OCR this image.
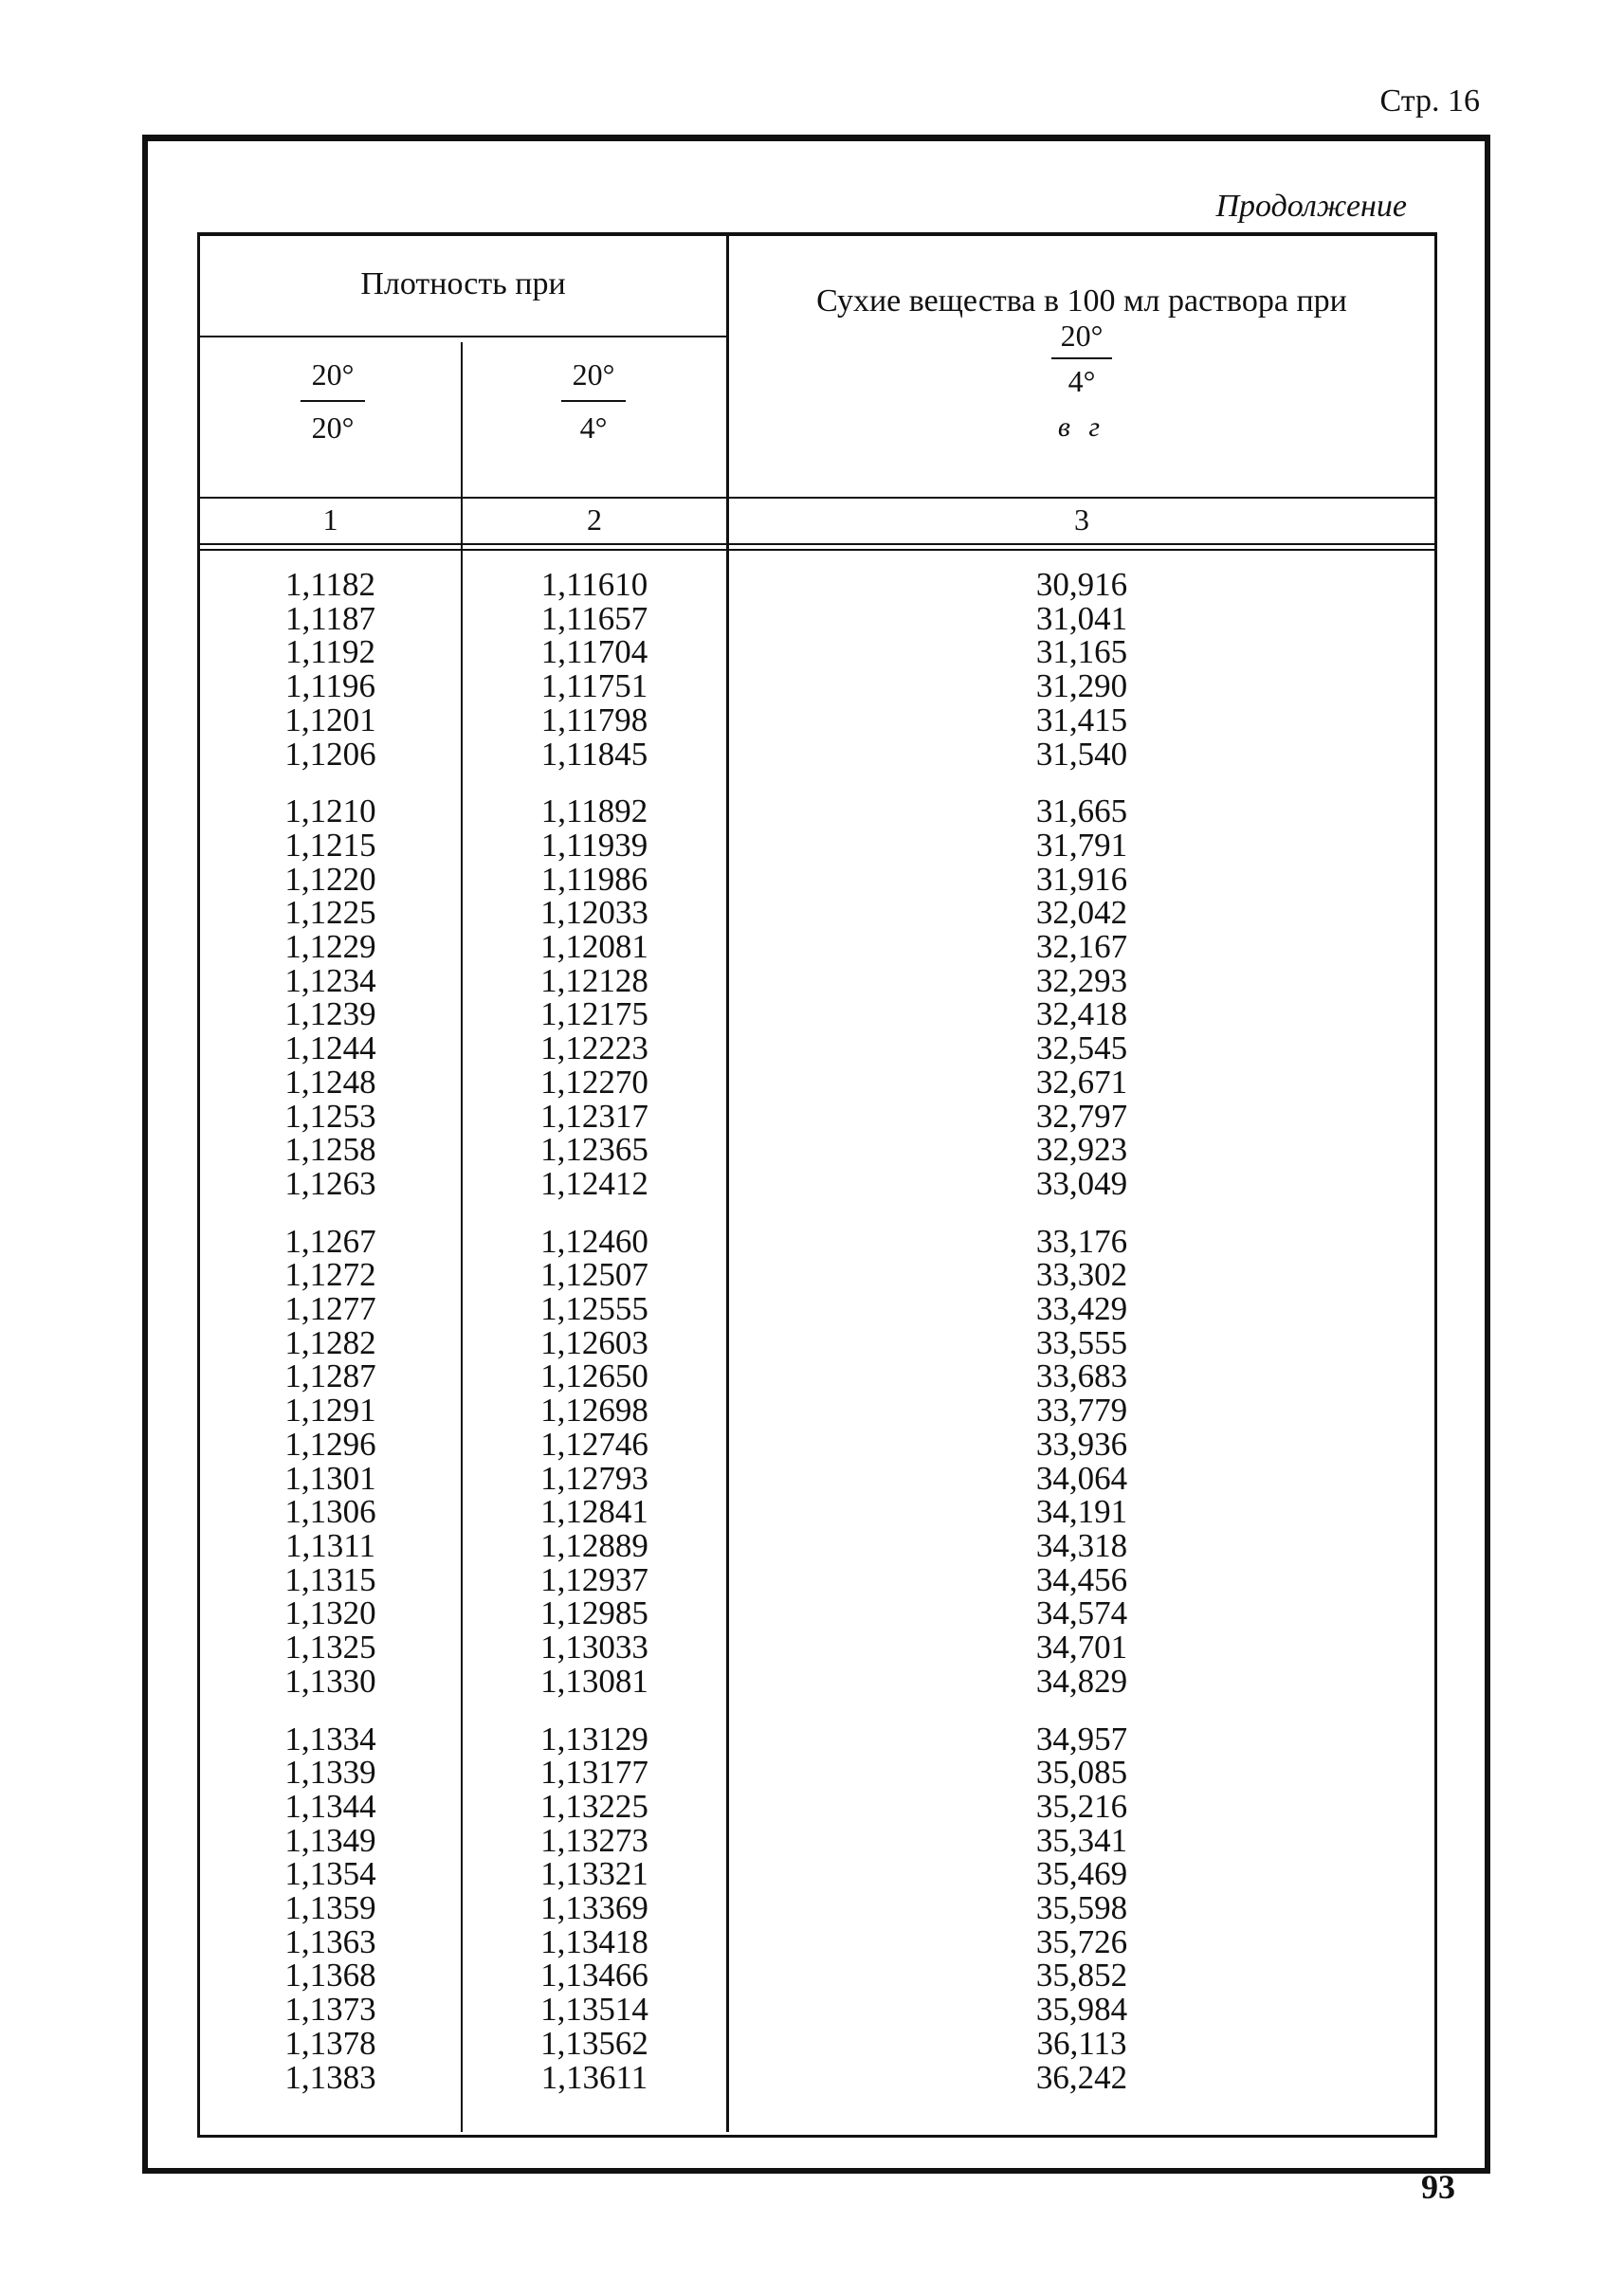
Стр. 16
Продолжение
Плотность при
20°
20°
20°
4°
Сухие вещества в 100 мл раствора при
20°
4°
в г
1	2	3
1,1182
1,1187
1,1192
1,1196
1,1201
1,1206
1,1210
1,1215
1,1220
1,1225
1,1229
1,1234
1,1239
1,1244
1,1248
1,1253
1,1258
1,1263
1,1267
1,1272
1,1277
1,1282
1,1287
1,1291
1,1296
1,1301
1,1306
1,1311
1,1315
1,1320
1,1325
1,1330
1,1334
1,1339
1,1344
1,1349
1,1354
1,1359
1,1363
1,1368
1,1373
1,1378
1,1383
1,11610
1,11657
1,11704
1,11751
1,11798
1,11845
1,11892
1,11939
1,11986
1,12033
1,12081
1,12128
1,12175
1,12223
1,12270
1,12317
1,12365
1,12412
1,12460
1,12507
1,12555
1,12603
1,12650
1,12698
1,12746
1,12793
1,12841
1,12889
1,12937
1,12985
1,13033
1,13081
1,13129
1,13177
1,13225
1,13273
1,13321
1,13369
1,13418
1,13466
1,13514
1,13562
1,13611
30,916
31,041
31,165
31,290
31,415
31,540
31,665
31,791
31,916
32,042
32,167
32,293
32,418
32,545
32,671
32,797
32,923
33,049
33,176
33,302
33,429
33,555
33,683
33,779
33,936
34,064
34,191
34,318
34,456
34,574
34,701
34,829
34,957
35,085
35,216
35,341
35,469
35,598
35,726
35,852
35,984
36,113
36,242
93
